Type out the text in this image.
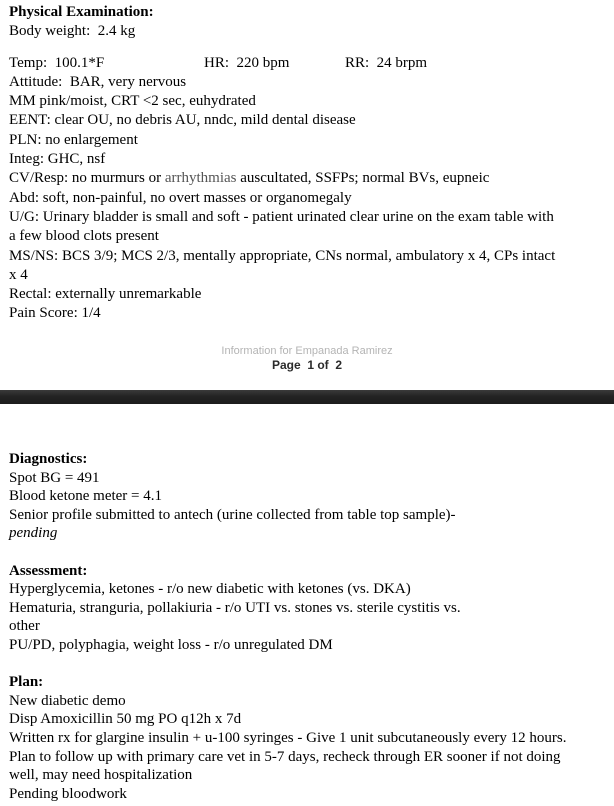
Physical Examination:
Body weight:  2.4 kg
Temp:  100.1*F	HR:  220 bpm	RR:  24 brpm
Attitude:  BAR, very nervous
MM pink/moist, CRT <2 sec, euhydrated
EENT: clear OU, no debris AU, nndc, mild dental disease
PLN: no enlargement
Integ: GHC, nsf
CV/Resp: no murmurs or arrhythmias auscultated, SSFPs; normal BVs, eupneic
Abd: soft, non-painful, no overt masses or organomegaly
U/G: Urinary bladder is small and soft - patient urinated clear urine on the exam table with
a few blood clots present
MS/NS: BCS 3/9; MCS 2/3, mentally appropriate, CNs normal, ambulatory x 4, CPs intact
x 4
Rectal: externally unremarkable
Pain Score: 1/4
Information for Empanada Ramirez
Page  1 of  2
Diagnostics:
Spot BG = 491
Blood ketone meter = 4.1
Senior profile submitted to antech (urine collected from table top sample)-
pending
Assessment:
Hyperglycemia, ketones - r/o new diabetic with ketones (vs. DKA)
Hematuria, stranguria, pollakiuria - r/o UTI vs. stones vs. sterile cystitis vs.
other
PU/PD, polyphagia, weight loss - r/o unregulated DM
Plan:
New diabetic demo
Disp Amoxicillin 50 mg PO q12h x 7d
Written rx for glargine insulin + u-100 syringes - Give 1 unit subcutaneously every 12 hours.
Plan to follow up with primary care vet in 5-7 days, recheck through ER sooner if not doing
well, may need hospitalization
Pending bloodwork
